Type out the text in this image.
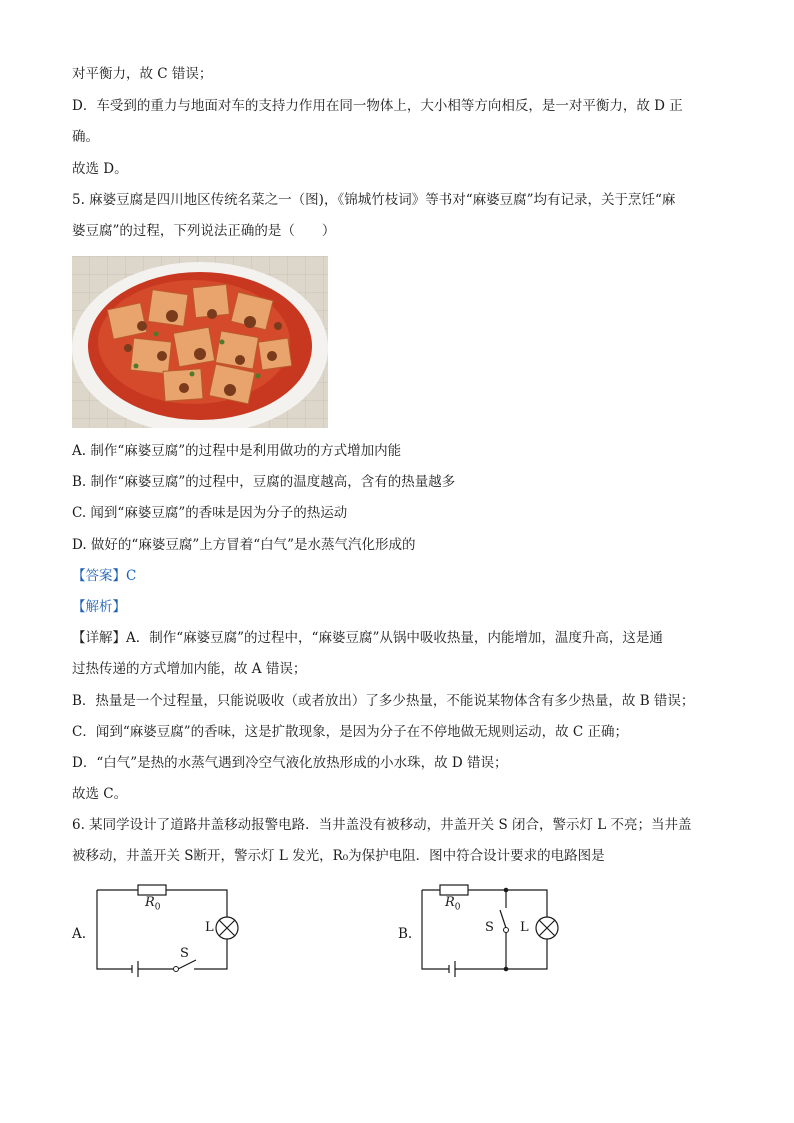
对平衡力，故 C 错误；
D．车受到的重力与地面对车的支持力作用在同一物体上，大小相等方向相反，是一对平衡力，故 D 正
确。
故选 D。
5. 麻婆豆腐是四川地区传统名菜之一（图)，《锦城竹枝词》等书对“麻婆豆腐”均有记录，关于烹饪“麻
婆豆腐”的过程，下列说法正确的是（　　）
A. 制作“麻婆豆腐”的过程中是利用做功的方式增加内能
B. 制作“麻婆豆腐”的过程中，豆腐的温度越高，含有的热量越多
C. 闻到“麻婆豆腐”的香味是因为分子的热运动
D. 做好的“麻婆豆腐”上方冒着“白气”是水蒸气汽化形成的
【答案】C
【解析】
【详解】A．制作“麻婆豆腐”的过程中，“麻婆豆腐”从锅中吸收热量，内能增加，温度升高，这是通
过热传递的方式增加内能，故 A 错误；
B．热量是一个过程量，只能说吸收（或者放出）了多少热量，不能说某物体含有多少热量，故 B 错误；
C．闻到“麻婆豆腐”的香味，这是扩散现象，是因为分子在不停地做无规则运动，故 C 正确；
D．“白气”是热的水蒸气遇到冷空气液化放热形成的小水珠，故 D 错误；
故选 C。
6. 某同学设计了道路井盖移动报警电路．当井盖没有被移动，井盖开关 S 闭合，警示灯 L 不亮；当井盖
被移动，井盖开关 S断开，警示灯 L 发光，R₀为保护电阻．图中符合设计要求的电路图是
A.
$R_0$
L
S
B.
$R_0$
S L
